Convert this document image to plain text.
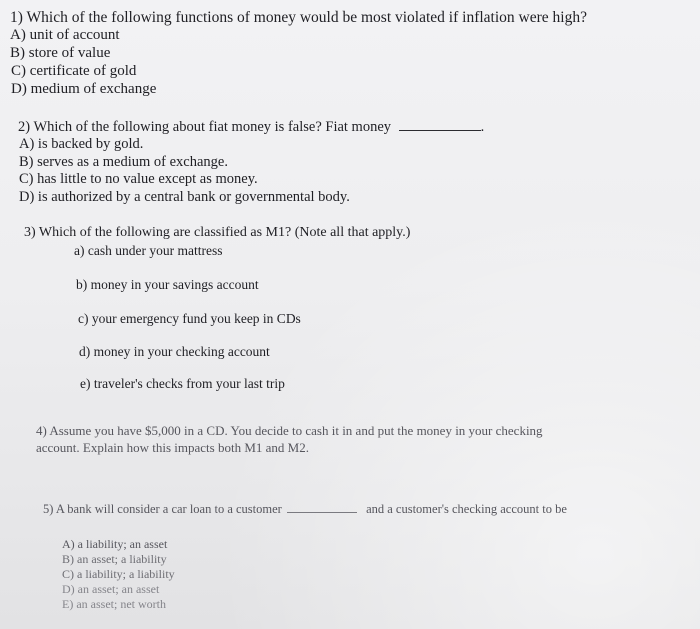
1) Which of the following functions of money would be most violated if inflation were high?
A) unit of account
B) store of value
C) certificate of gold
D) medium of exchange
2) Which of the following about fiat money is false? Fiat money	.
A) is backed by gold.
B) serves as a medium of exchange.
C) has little to no value except as money.
D) is authorized by a central bank or governmental body.
3) Which of the following are classified as M1? (Note all that apply.)
a) cash under your mattress
b) money in your savings account
c) your emergency fund you keep in CDs
d) money in your checking account
e) traveler's checks from your last trip
4) Assume you have $5,000 in a CD. You decide to cash it in and put the money in your checking
account. Explain how this impacts both M1 and M2.
5) A bank will consider a car loan to a customer	and a customer's checking account to be
A) a liability; an asset
B) an asset; a liability
C) a liability; a liability
D) an asset; an asset
E) an asset; net worth
